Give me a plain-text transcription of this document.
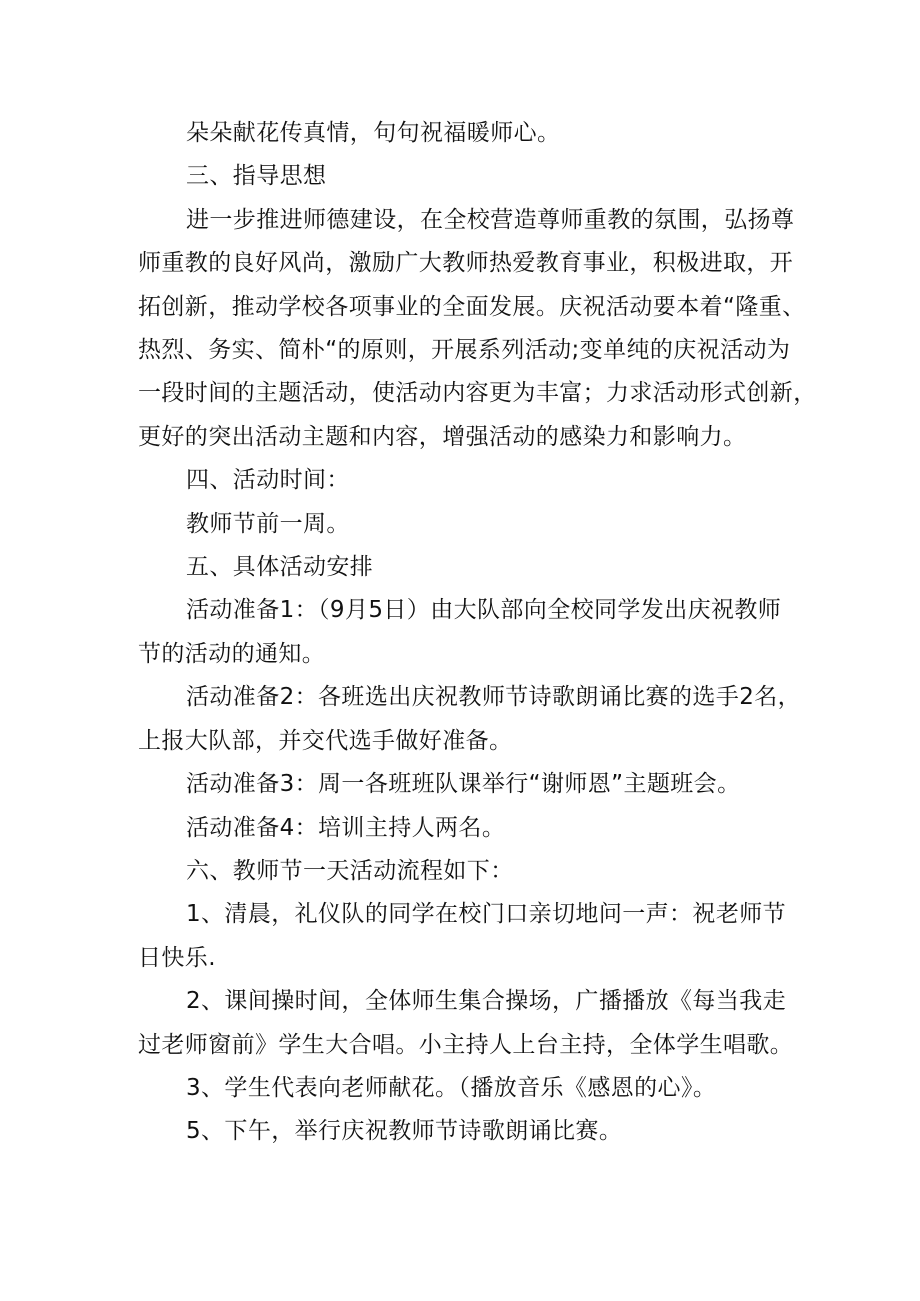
朵朵献花传真情，句句祝福暖师心。

三、指导思想

进一步推进师德建设，在全校营造尊师重教的氛围，弘扬尊
师重教的良好风尚，激励广大教师热爱教育事业，积极进取，开
拓创新，推动学校各项事业的全面发展。庆祝活动要本着“隆重、
热烈、务实、简朴“的原则，开展系列活动;变单纯的庆祝活动为
一段时间的主题活动，使活动内容更为丰富；力求活动形式创新，
更好的突出活动主题和内容，增强活动的感染力和影响力。

四、活动时间：

教师节前一周。

五、具体活动安排

活动准备1：（9月5日）由大队部向全校同学发出庆祝教师
节的活动的通知。

活动准备2：各班选出庆祝教师节诗歌朗诵比赛的选手2名，
上报大队部，并交代选手做好准备。

活动准备3：周一各班班队课举行“谢师恩”主题班会。

活动准备4：培训主持人两名。

六、教师节一天活动流程如下：

1、清晨，礼仪队的同学在校门口亲切地问一声：祝老师节
日快乐.

2、课间操时间，全体师生集合操场，广播播放《每当我走
过老师窗前》学生大合唱。小主持人上台主持，全体学生唱歌。

3、学生代表向老师献花。（播放音乐《感恩的心》。

5、下午，举行庆祝教师节诗歌朗诵比赛。
